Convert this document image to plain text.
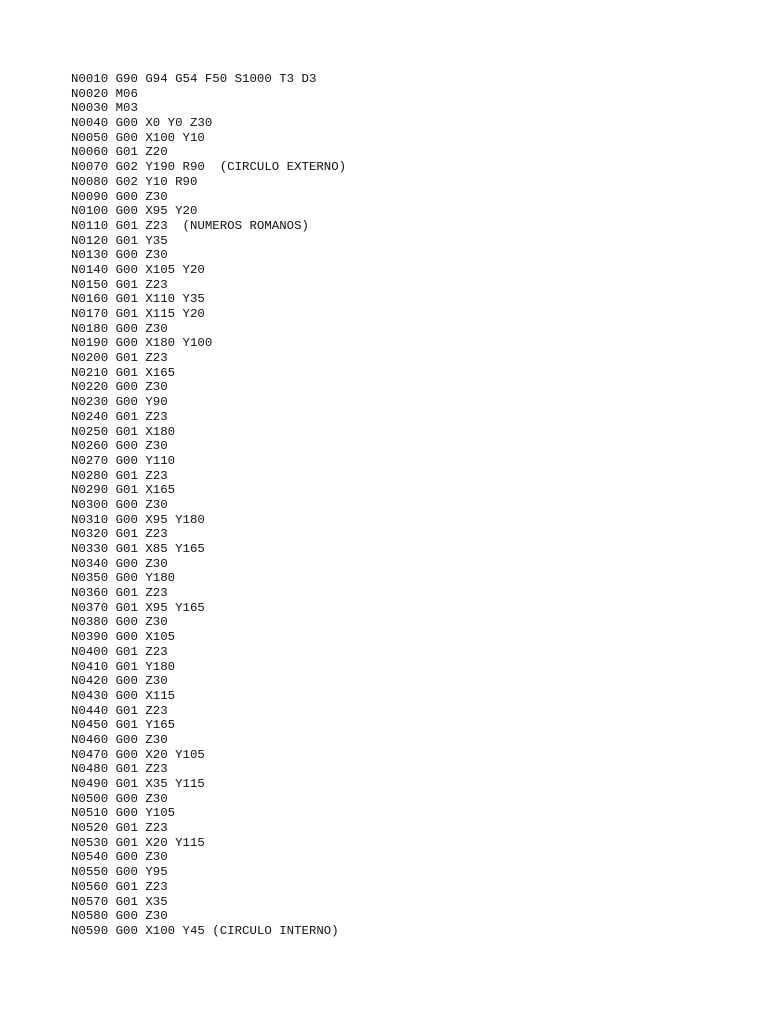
N0010 G90 G94 G54 F50 S1000 T3 D3
N0020 M06
N0030 M03
N0040 G00 X0 Y0 Z30
N0050 G00 X100 Y10
N0060 G01 Z20
N0070 G02 Y190 R90  (CIRCULO EXTERNO)
N0080 G02 Y10 R90
N0090 G00 Z30
N0100 G00 X95 Y20
N0110 G01 Z23  (NUMEROS ROMANOS)
N0120 G01 Y35
N0130 G00 Z30
N0140 G00 X105 Y20
N0150 G01 Z23
N0160 G01 X110 Y35
N0170 G01 X115 Y20
N0180 G00 Z30
N0190 G00 X180 Y100
N0200 G01 Z23
N0210 G01 X165
N0220 G00 Z30
N0230 G00 Y90
N0240 G01 Z23
N0250 G01 X180
N0260 G00 Z30
N0270 G00 Y110
N0280 G01 Z23
N0290 G01 X165
N0300 G00 Z30
N0310 G00 X95 Y180
N0320 G01 Z23
N0330 G01 X85 Y165
N0340 G00 Z30
N0350 G00 Y180
N0360 G01 Z23
N0370 G01 X95 Y165
N0380 G00 Z30
N0390 G00 X105
N0400 G01 Z23
N0410 G01 Y180
N0420 G00 Z30
N0430 G00 X115
N0440 G01 Z23
N0450 G01 Y165
N0460 G00 Z30
N0470 G00 X20 Y105
N0480 G01 Z23
N0490 G01 X35 Y115
N0500 G00 Z30
N0510 G00 Y105
N0520 G01 Z23
N0530 G01 X20 Y115
N0540 G00 Z30
N0550 G00 Y95
N0560 G01 Z23
N0570 G01 X35
N0580 G00 Z30
N0590 G00 X100 Y45 (CIRCULO INTERNO)
